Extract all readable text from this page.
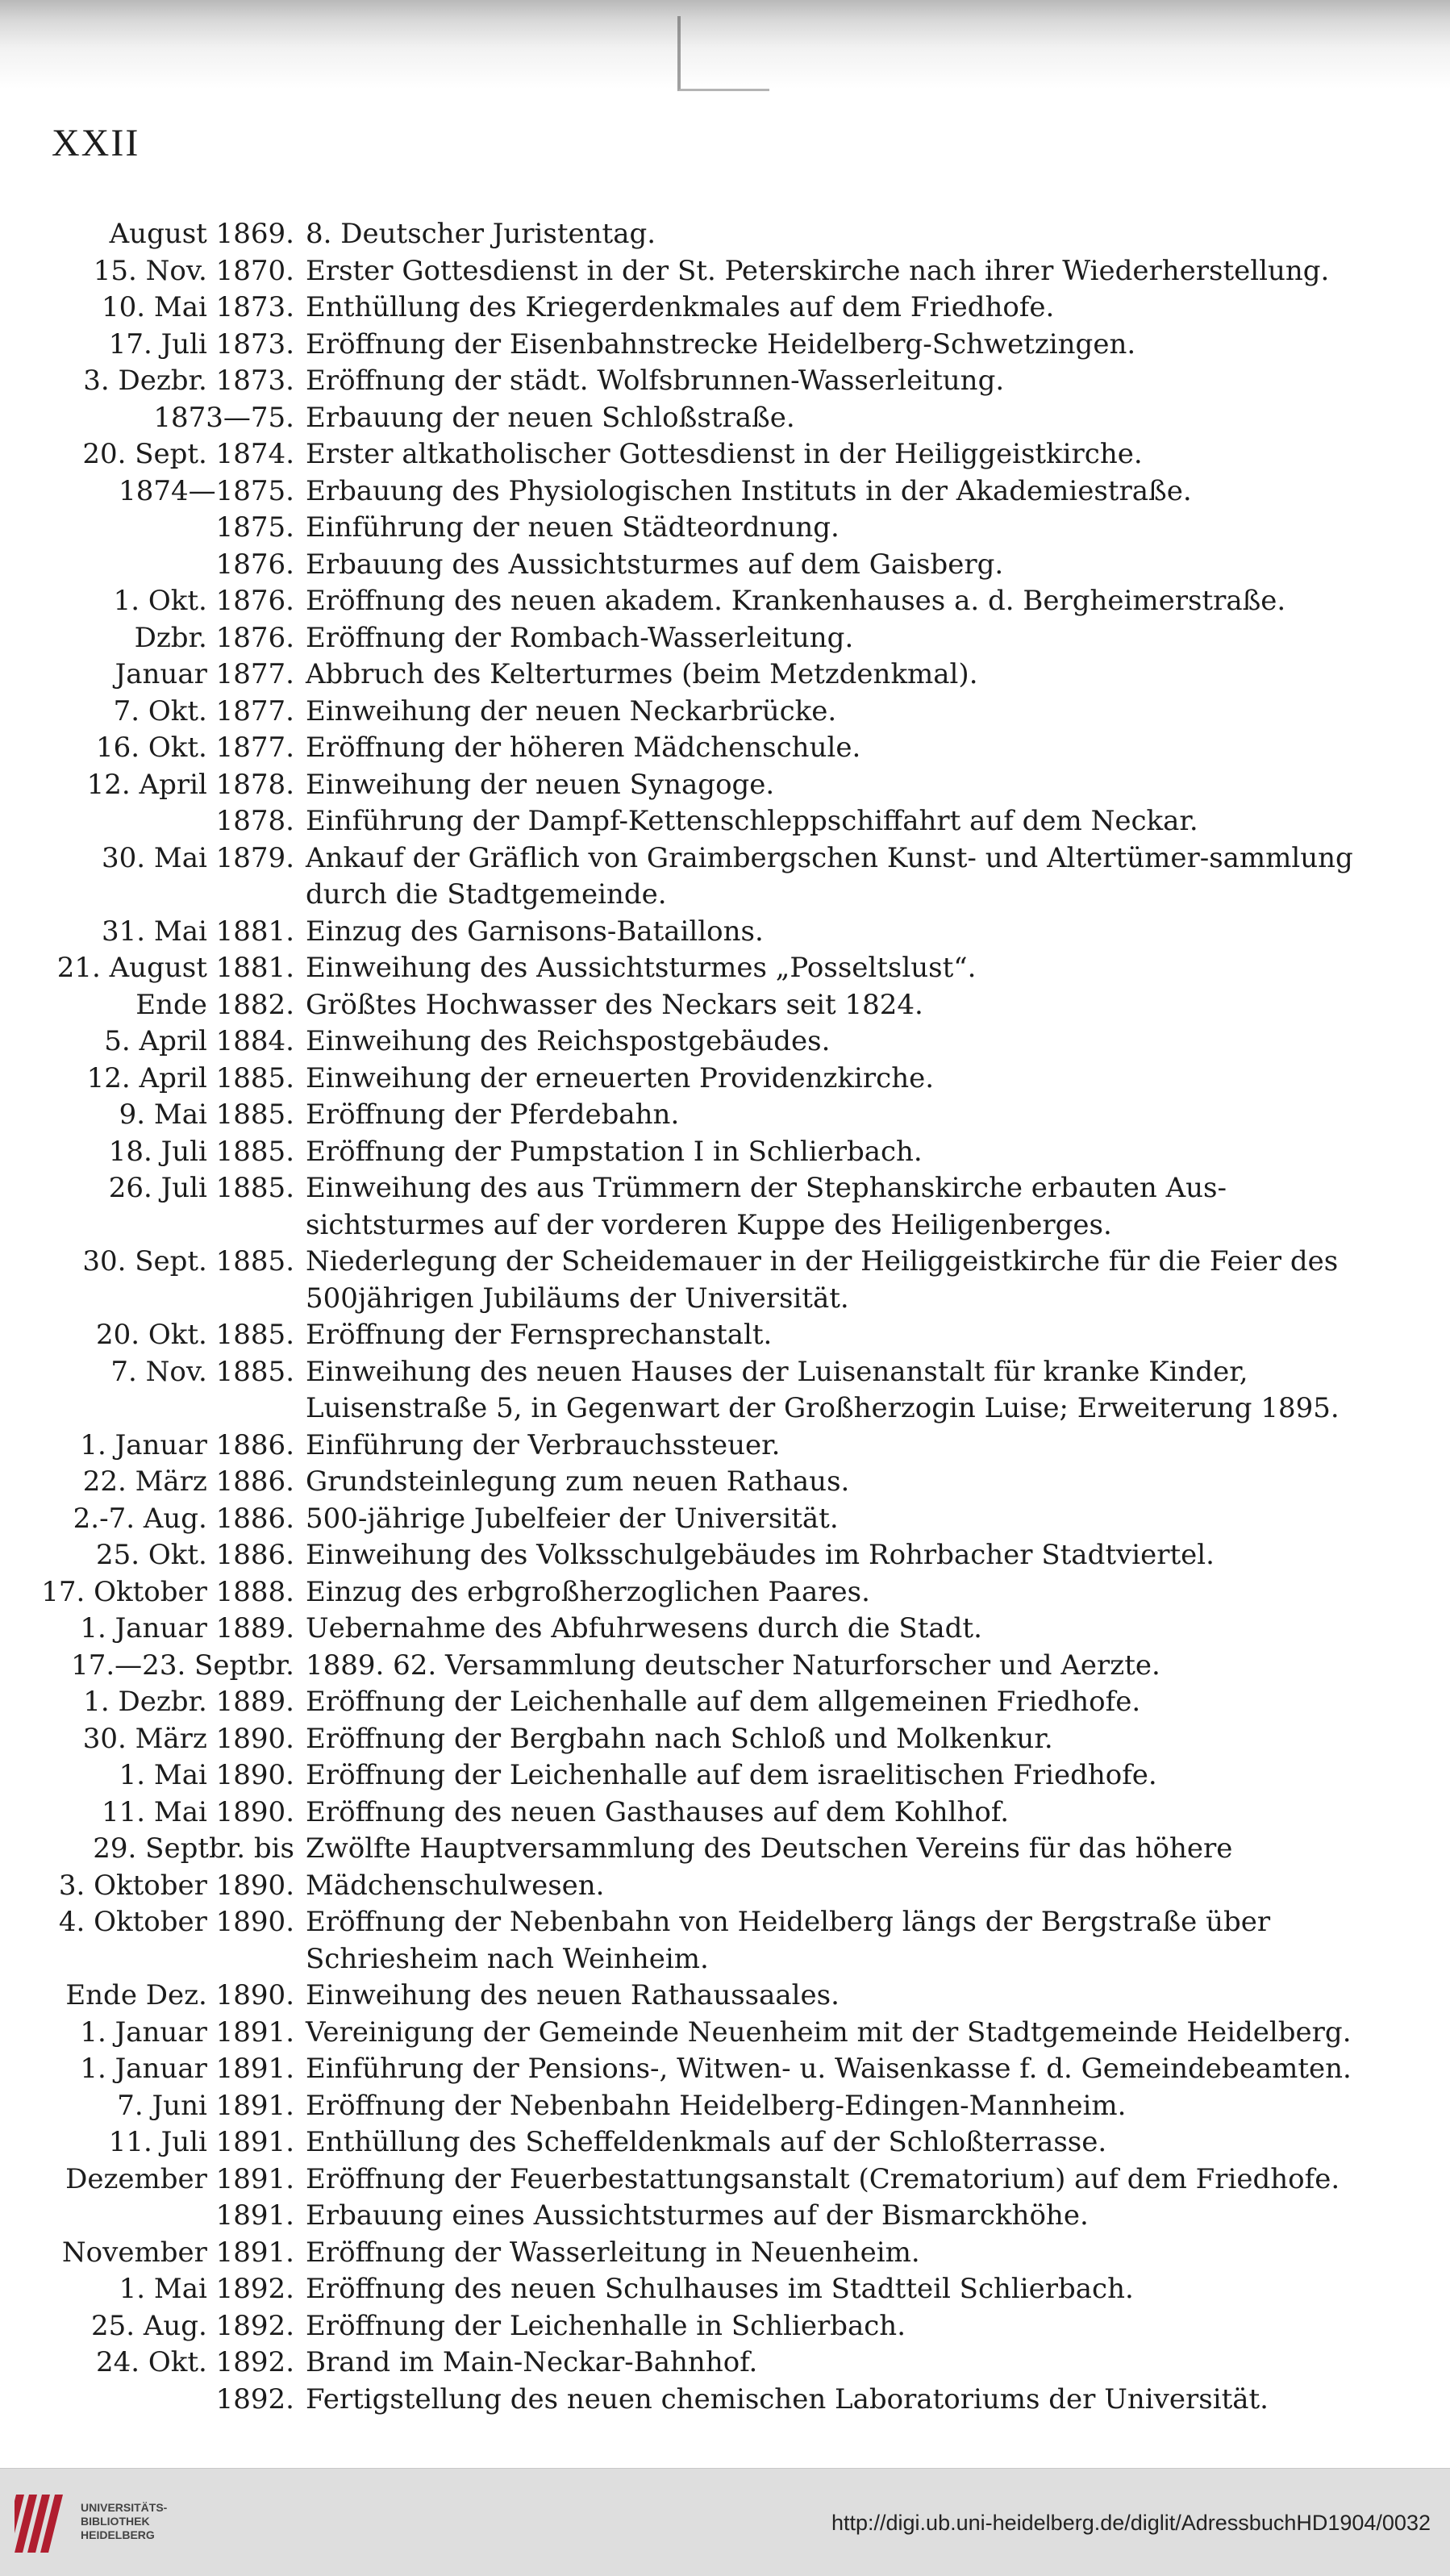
XXII
August 1869. 8. Deutscher Juristentag.
15. Nov. 1870. Erster Gottesdienst in der St. Peterskirche nach ihrer Wiederherstellung.
10. Mai 1873. Enthüllung des Kriegerdenkmales auf dem Friedhofe.
17. Juli 1873. Eröffnung der Eisenbahnstrecke Heidelberg-Schwetzingen.
3. Dezbr. 1873. Eröffnung der städt. Wolfsbrunnen-Wasserleitung.
1873—75. Erbauung der neuen Schloßstraße.
20. Sept. 1874. Erster altkatholischer Gottesdienst in der Heiliggeistkirche.
1874—1875. Erbauung des Physiologischen Instituts in der Akademiestraße.
1875. Einführung der neuen Städteordnung.
1876. Erbauung des Aussichtsturmes auf dem Gaisberg.
1. Okt. 1876. Eröffnung des neuen akadem. Krankenhauses a. d. Bergheimerstraße.
Dzbr. 1876. Eröffnung der Rombach-Wasserleitung.
Januar 1877. Abbruch des Kelterturmes (beim Metzdenkmal).
7. Okt. 1877. Einweihung der neuen Neckarbrücke.
16. Okt. 1877. Eröffnung der höheren Mädchenschule.
12. April 1878. Einweihung der neuen Synagoge.
1878. Einführung der Dampf-Kettenschleppschiffahrt auf dem Neckar.
30. Mai 1879. Ankauf der Gräflich von Graimbergschen Kunst- und Altertümer-sammlung durch die Stadtgemeinde.
31. Mai 1881. Einzug des Garnisons-Bataillons.
21. August 1881. Einweihung des Aussichtsturmes „Posseltslust“.
Ende 1882. Größtes Hochwasser des Neckars seit 1824.
5. April 1884. Einweihung des Reichspostgebäudes.
12. April 1885. Einweihung der erneuerten Providenzkirche.
9. Mai 1885. Eröffnung der Pferdebahn.
18. Juli 1885. Eröffnung der Pumpstation I in Schlierbach.
26. Juli 1885. Einweihung des aus Trümmern der Stephanskirche erbauten Aus-sichtsturmes auf der vorderen Kuppe des Heiligenberges.
30. Sept. 1885. Niederlegung der Scheidemauer in der Heiliggeistkirche für die Feier des 500jährigen Jubiläums der Universität.
20. Okt. 1885. Eröffnung der Fernsprechanstalt.
7. Nov. 1885. Einweihung des neuen Hauses der Luisenanstalt für kranke Kinder, Luisenstraße 5, in Gegenwart der Großherzogin Luise; Erweiterung 1895.
1. Januar 1886. Einführung der Verbrauchssteuer.
22. März 1886. Grundsteinlegung zum neuen Rathaus.
2.-7. Aug. 1886. 500-jährige Jubelfeier der Universität.
25. Okt. 1886. Einweihung des Volksschulgebäudes im Rohrbacher Stadtviertel.
17. Oktober 1888. Einzug des erbgroßherzoglichen Paares.
1. Januar 1889. Uebernahme des Abfuhrwesens durch die Stadt.
17.—23. Septbr. 1889. 62. Versammlung deutscher Naturforscher und Aerzte.
1. Dezbr. 1889. Eröffnung der Leichenhalle auf dem allgemeinen Friedhofe.
30. März 1890. Eröffnung der Bergbahn nach Schloß und Molkenkur.
1. Mai 1890. Eröffnung der Leichenhalle auf dem israelitischen Friedhofe.
11. Mai 1890. Eröffnung des neuen Gasthauses auf dem Kohlhof.
29. Septbr. bis Zwölfte Hauptversammlung des Deutschen Vereins für das höhere
3. Oktober 1890. Mädchenschulwesen.
4. Oktober 1890. Eröffnung der Nebenbahn von Heidelberg längs der Bergstraße über Schriesheim nach Weinheim.
Ende Dez. 1890. Einweihung des neuen Rathaussaales.
1. Januar 1891. Vereinigung der Gemeinde Neuenheim mit der Stadtgemeinde Heidelberg.
1. Januar 1891. Einführung der Pensions-, Witwen- u. Waisenkasse f. d. Gemeindebeamten.
7. Juni 1891. Eröffnung der Nebenbahn Heidelberg-Edingen-Mannheim.
11. Juli 1891. Enthüllung des Scheffeldenkmals auf der Schloßterrasse.
Dezember 1891. Eröffnung der Feuerbestattungsanstalt (Crematorium) auf dem Friedhofe.
1891. Erbauung eines Aussichtsturmes auf der Bismarckhöhe.
November 1891. Eröffnung der Wasserleitung in Neuenheim.
1. Mai 1892. Eröffnung des neuen Schulhauses im Stadtteil Schlierbach.
25. Aug. 1892. Eröffnung der Leichenhalle in Schlierbach.
24. Okt. 1892. Brand im Main-Neckar-Bahnhof.
1892. Fertigstellung des neuen chemischen Laboratoriums der Universität.
UNIVERSITÄTS-
BIBLIOTHEK
HEIDELBERG	http://digi.ub.uni-heidelberg.de/diglit/AdressbuchHD1904/0032
